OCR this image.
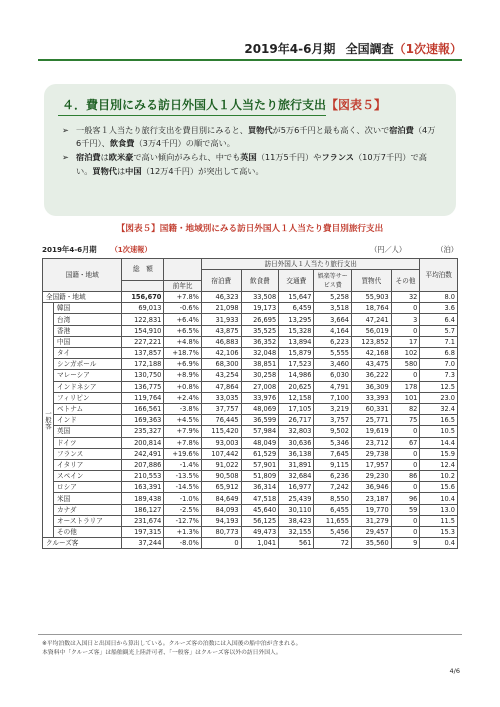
2019年4-6月期 全国調査（1次速報）
４．費目別にみる訪日外国人１人当たり旅行支出【図表５】
➢ 一般客１人当たり旅行支出を費目別にみると、買物代が5万6千円と最も高く、次いで宿泊費（4万6千円）、飲食費（3万4千円）の順で高い。
➢ 宿泊費は欧米豪で高い傾向がみられ、中でも英国（11万5千円）やフランス（10万7千円）で高い。買物代は中国（12万4千円）が突出して高い。
【図表５】国籍・地域別にみる訪日外国人１人当たり費目別旅行支出
2019年4-6月期 （1次速報）	（円／人）	（泊）
国籍・地域		総　額		訪日外国人１人当たり旅行支出						平均泊数
				宿泊費	飲食費	交通費	娯楽等サービス費	買物代	その他	
			前年比							
全国籍・地域		156,670	+7.8%	46,323	33,508	15,647	5,258	55,903	32	8.0
一般客	韓国	69,013	-0.6%	21,098	19,173	6,459	3,518	18,764	0	3.6
	台湾	122,831	+6.4%	31,933	26,695	13,295	3,664	47,241	3	6.4
	香港	154,910	+6.5%	43,875	35,525	15,328	4,164	56,019	0	5.7
	中国	227,221	+4.8%	46,883	36,352	13,894	6,223	123,852	17	7.1
	タイ	137,857	+18.7%	42,106	32,048	15,879	5,555	42,168	102	6.8
	シンガポール	172,188	+6.9%	68,300	38,851	17,523	3,460	43,475	580	7.0
	マレーシア	130,750	+8.9%	43,254	30,258	14,986	6,030	36,222	0	7.3
	インドネシア	136,775	+0.8%	47,864	27,008	20,625	4,791	36,309	178	12.5
	フィリピン	119,764	+2.4%	33,035	33,976	12,158	7,100	33,393	101	23.0
	ベトナム	166,561	-3.8%	37,757	48,069	17,105	3,219	60,331	82	32.4
	インド	169,363	+4.5%	76,445	36,599	26,717	3,757	25,771	75	16.5
	英国	235,327	+7.9%	115,420	57,984	32,803	9,502	19,619	0	10.5
	ドイツ	200,814	+7.8%	93,003	48,049	30,636	5,346	23,712	67	14.4
	フランス	242,491	+19.6%	107,442	61,529	36,138	7,645	29,738	0	15.9
	イタリア	207,886	-1.4%	91,022	57,901	31,891	9,115	17,957	0	12.4
	スペイン	210,553	-13.5%	90,508	51,809	32,684	6,236	29,230	86	10.2
	ロシア	163,391	-14.5%	65,912	36,314	16,977	7,242	36,946	0	15.6
	米国	189,438	-1.0%	84,649	47,518	25,439	8,550	23,187	96	10.4
	カナダ	186,127	-2.5%	84,093	45,640	30,110	6,455	19,770	59	13.0
	オーストラリア	231,674	-12.7%	94,193	56,125	38,423	11,655	31,279	0	11.5
	その他	197,315	+1.3%	80,773	49,473	32,155	5,456	29,457	0	15.3
クルーズ客		37,244	-8.0%	0	1,041	561	72	35,560	9	0.4
※平均泊数は入国日と出国日から算出している。クルーズ客の泊数には入国後の船中泊が含まれる。
本資料中「クルーズ客」は船舶観光上陸許可者、「一般客」はクルーズ客以外の訪日外国人。
4/6
